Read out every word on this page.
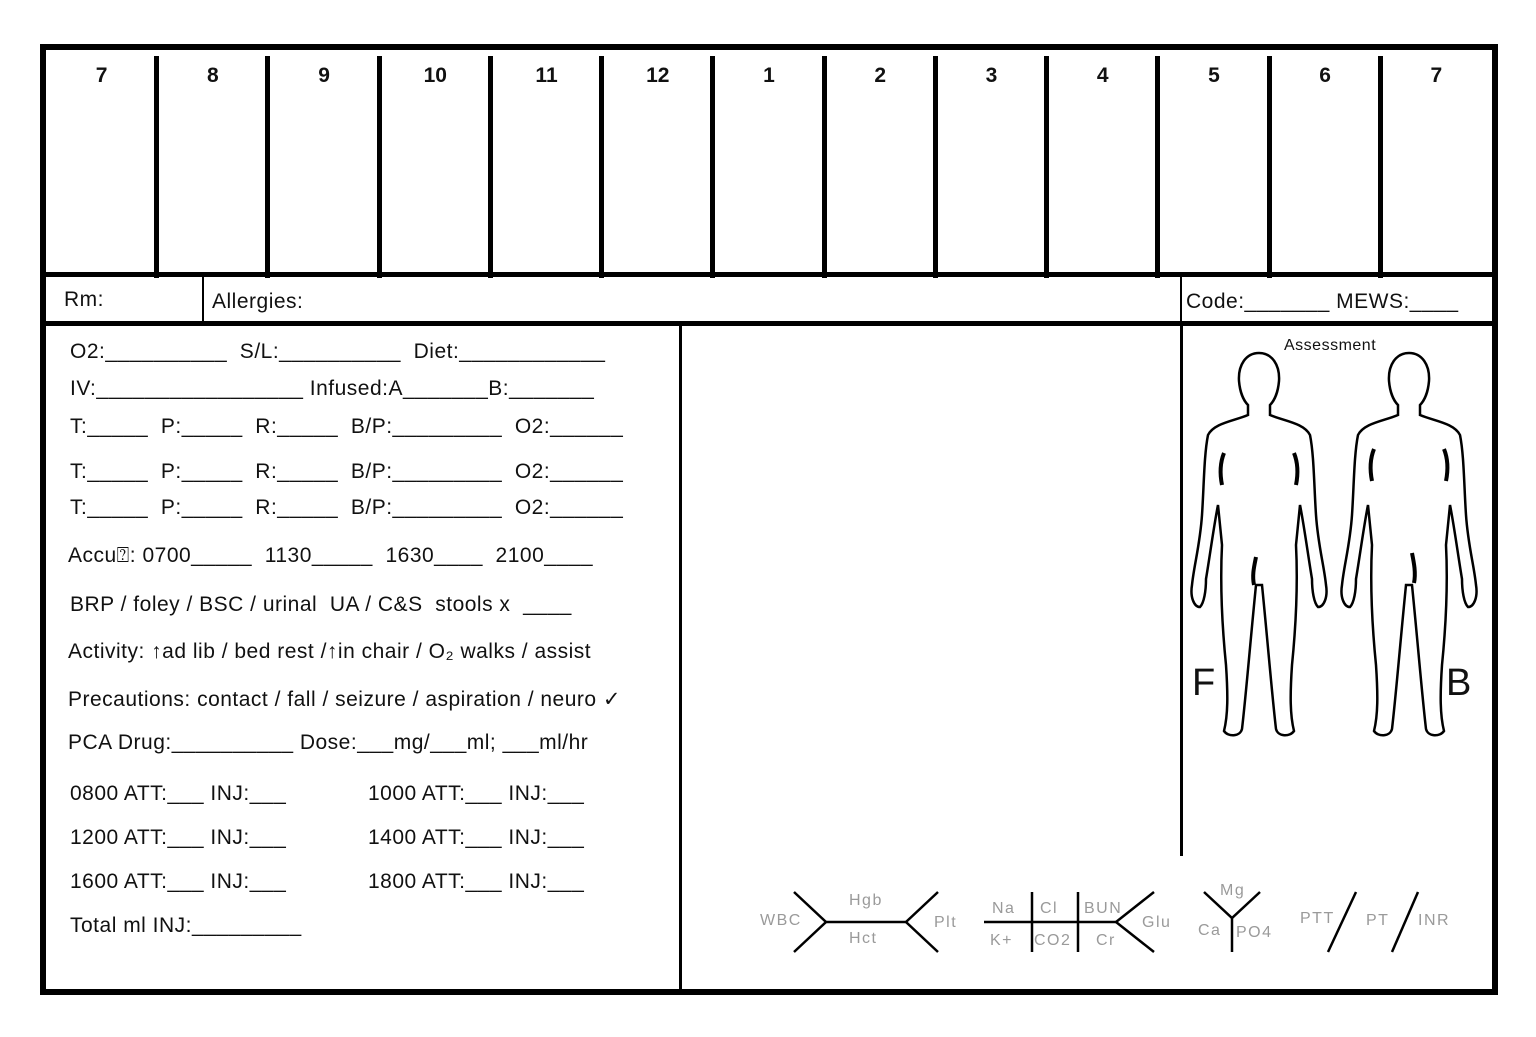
7	8	9	10	11	12	1	2	3	4	5	6	7
Rm:	Allergies:	Code:_______ MEWS:____
O2:__________  S/L:__________  Diet:____________
IV:_________________ Infused:A_______B:_______
T:_____  P:_____  R:_____  B/P:_________  O2:______
T:_____  P:_____  R:_____  B/P:_________  O2:______
T:_____  P:_____  R:_____  B/P:_________  O2:______
Accu⍰: 0700_____  1130_____  1630____  2100____
BRP / foley / BSC / urinal  UA / C&S  stools x  ____
Activity: ↑ad lib / bed rest /↑in chair / O₂ walks / assist
Precautions: contact / fall / seizure / aspiration / neuro ✓
PCA Drug:__________ Dose:___mg/___ml; ___ml/hr
0800 ATT:___ INJ:___	1000 ATT:___ INJ:___
1200 ATT:___ INJ:___	1400 ATT:___ INJ:___
1600 ATT:___ INJ:___	1800 ATT:___ INJ:___
Total ml INJ:_________
Assessment
F	B
WBC
Hgb
Hct
Plt
Na Cl BUN
K+ CO2 Cr
Glu
Mg
Ca PO4
PTT PT INR
